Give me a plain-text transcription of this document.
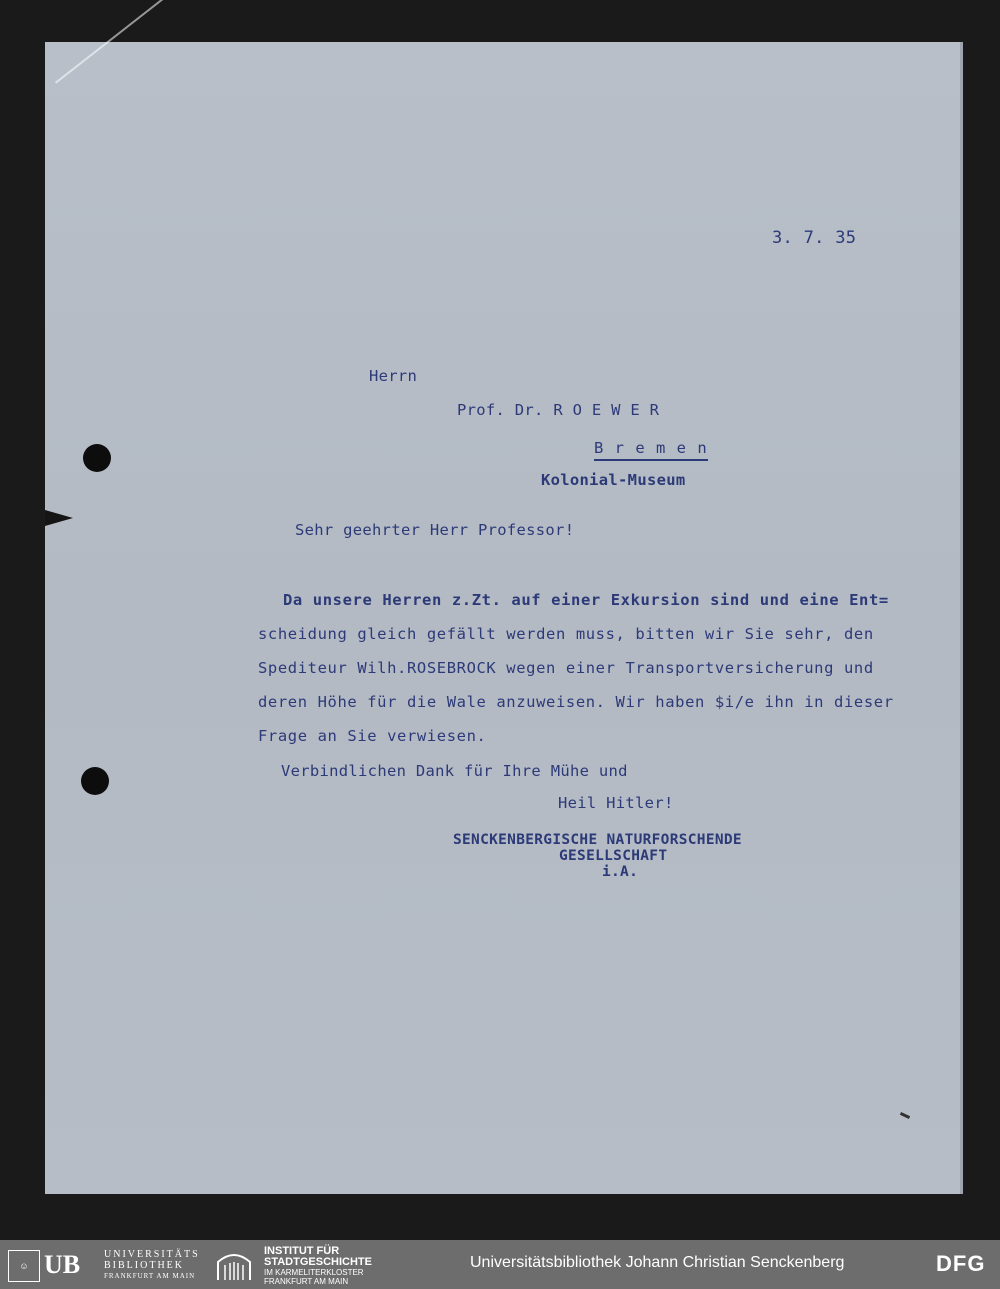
3. 7. 35
Herrn
Prof. Dr. R O E W E R
B r e m e n
Kolonial-Museum
Sehr geehrter Herr Professor!
Da unsere Herren z.Zt. auf einer Exkursion sind und eine Ent=
scheidung gleich gefällt werden muss, bitten wir Sie sehr, den
Spediteur Wilh.ROSEBROCK wegen einer Transportversicherung und
deren Höhe für die Wale anzuweisen. Wir haben $i/e ihn in dieser
Frage an Sie verwiesen.
Verbindlichen Dank für Ihre Mühe und
Heil Hitler!
SENCKENBERGISCHE NATURFORSCHENDE
GESELLSCHAFT
i.A.
☺ UB UNIVERSITÄTS
BIBLIOTHEK
FRANKFURT AM MAIN
INSTITUT FÜR
STADTGESCHICHTE
IM KARMELITERKLOSTER
FRANKFURT AM MAIN
Universitätsbibliothek Johann Christian Senckenberg	DFG
